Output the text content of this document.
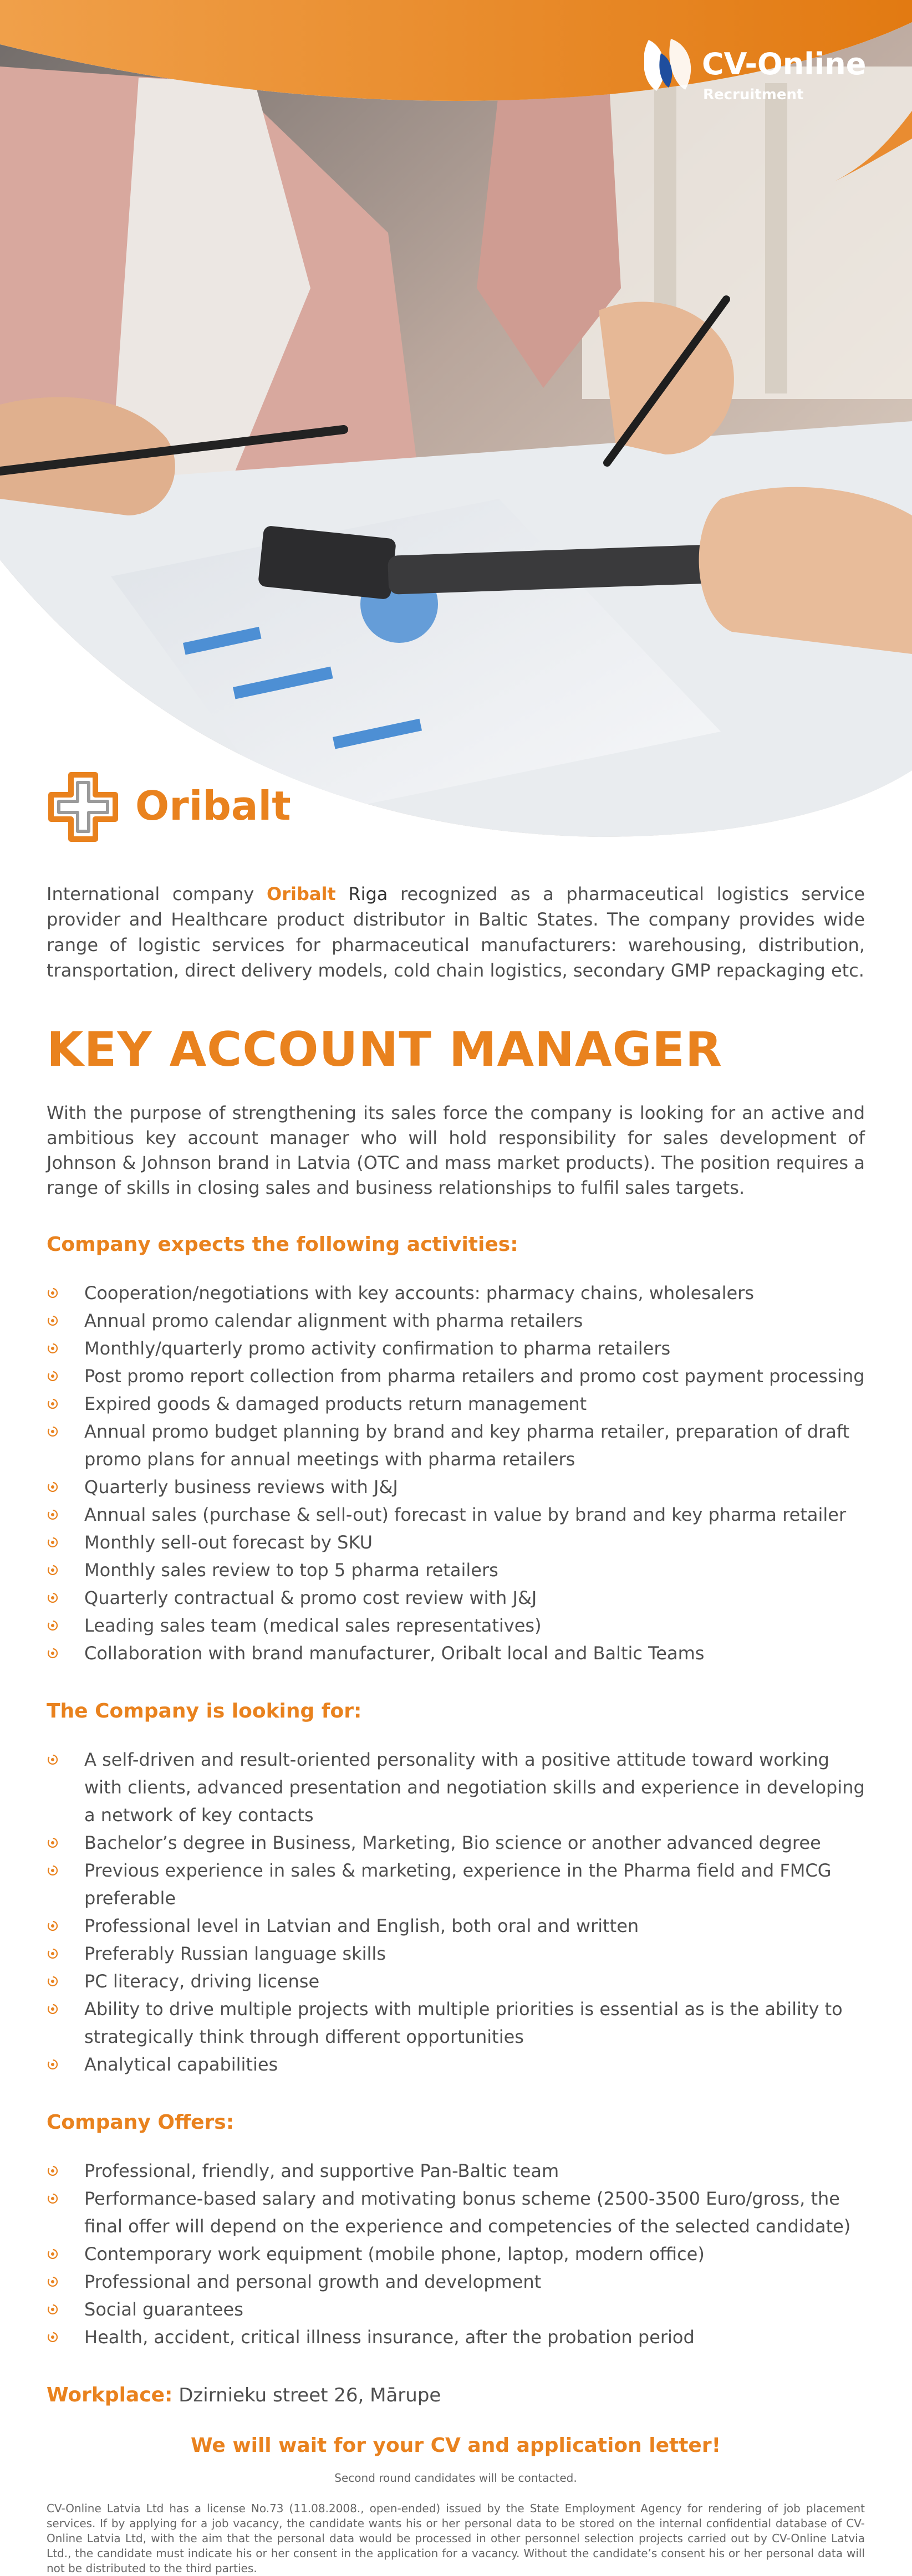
CV-Online
Recruitment
Oribalt

International company Oribalt Riga recognized as a pharmaceutical logistics service provider and Healthcare product distributor in Baltic States. The company provides wide range of logistic services for pharmaceutical manufacturers: warehousing, distribution, transportation, direct delivery models, cold chain logistics, secondary GMP repackaging etc.

KEY ACCOUNT MANAGER

With the purpose of strengthening its sales force the company is looking for an active and ambitious key account manager who will hold responsibility for sales development of Johnson & Johnson brand in Latvia (OTC and mass market products). The position requires a range of skills in closing sales and business relationships to fulfil sales targets.

Company expects the following activities:
Cooperation/negotiations with key accounts: pharmacy chains, wholesalers
Annual promo calendar alignment with pharma retailers
Monthly/quarterly promo activity confirmation to pharma retailers
Post promo report collection from pharma retailers and promo cost payment processing
Expired goods & damaged products return management
Annual promo budget planning by brand and key pharma retailer, preparation of draft promo plans for annual meetings with pharma retailers
Quarterly business reviews with J&J
Annual sales (purchase & sell-out) forecast in value by brand and key pharma retailer
Monthly sell-out forecast by SKU
Monthly sales review to top 5 pharma retailers
Quarterly contractual & promo cost review with J&J
Leading sales team (medical sales representatives)
Collaboration with brand manufacturer, Oribalt local and Baltic Teams
The Company is looking for:
A self-driven and result-oriented personality with a positive attitude toward working with clients, advanced presentation and negotiation skills and experience in developing a network of key contacts
Bachelor’s degree in Business, Marketing, Bio science or another advanced degree
Previous experience in sales & marketing, experience in the Pharma field and FMCG preferable
Professional level in Latvian and English, both oral and written
Preferably Russian language skills
PC literacy, driving license
Ability to drive multiple projects with multiple priorities is essential as is the ability to strategically think through different opportunities
Analytical capabilities
Company Offers:
Professional, friendly, and supportive Pan-Baltic team
Performance-based salary and motivating bonus scheme (2500-3500 Euro/gross, the final offer will depend on the experience and competencies of the selected candidate)
Contemporary work equipment (mobile phone, laptop, modern office)
Professional and personal growth and development
Social guarantees
Health, accident, critical illness insurance, after the probation period

Workplace: Dzirnieku street 26, Mārupe

We will wait for your CV and application letter!

Second round candidates will be contacted.

CV-Online Latvia Ltd has a license No.73 (11.08.2008., open-ended) issued by the State Employment Agency for rendering of job placement services. If by applying for a job vacancy, the candidate wants his or her personal data to be stored on the internal confidential database of CV-Online Latvia Ltd, with the aim that the personal data would be processed in other personnel selection projects carried out by CV-Online Latvia Ltd., the candidate must indicate his or her consent in the application for a vacancy. Without the candidate’s consent his or her personal data will not be distributed to the third parties.
